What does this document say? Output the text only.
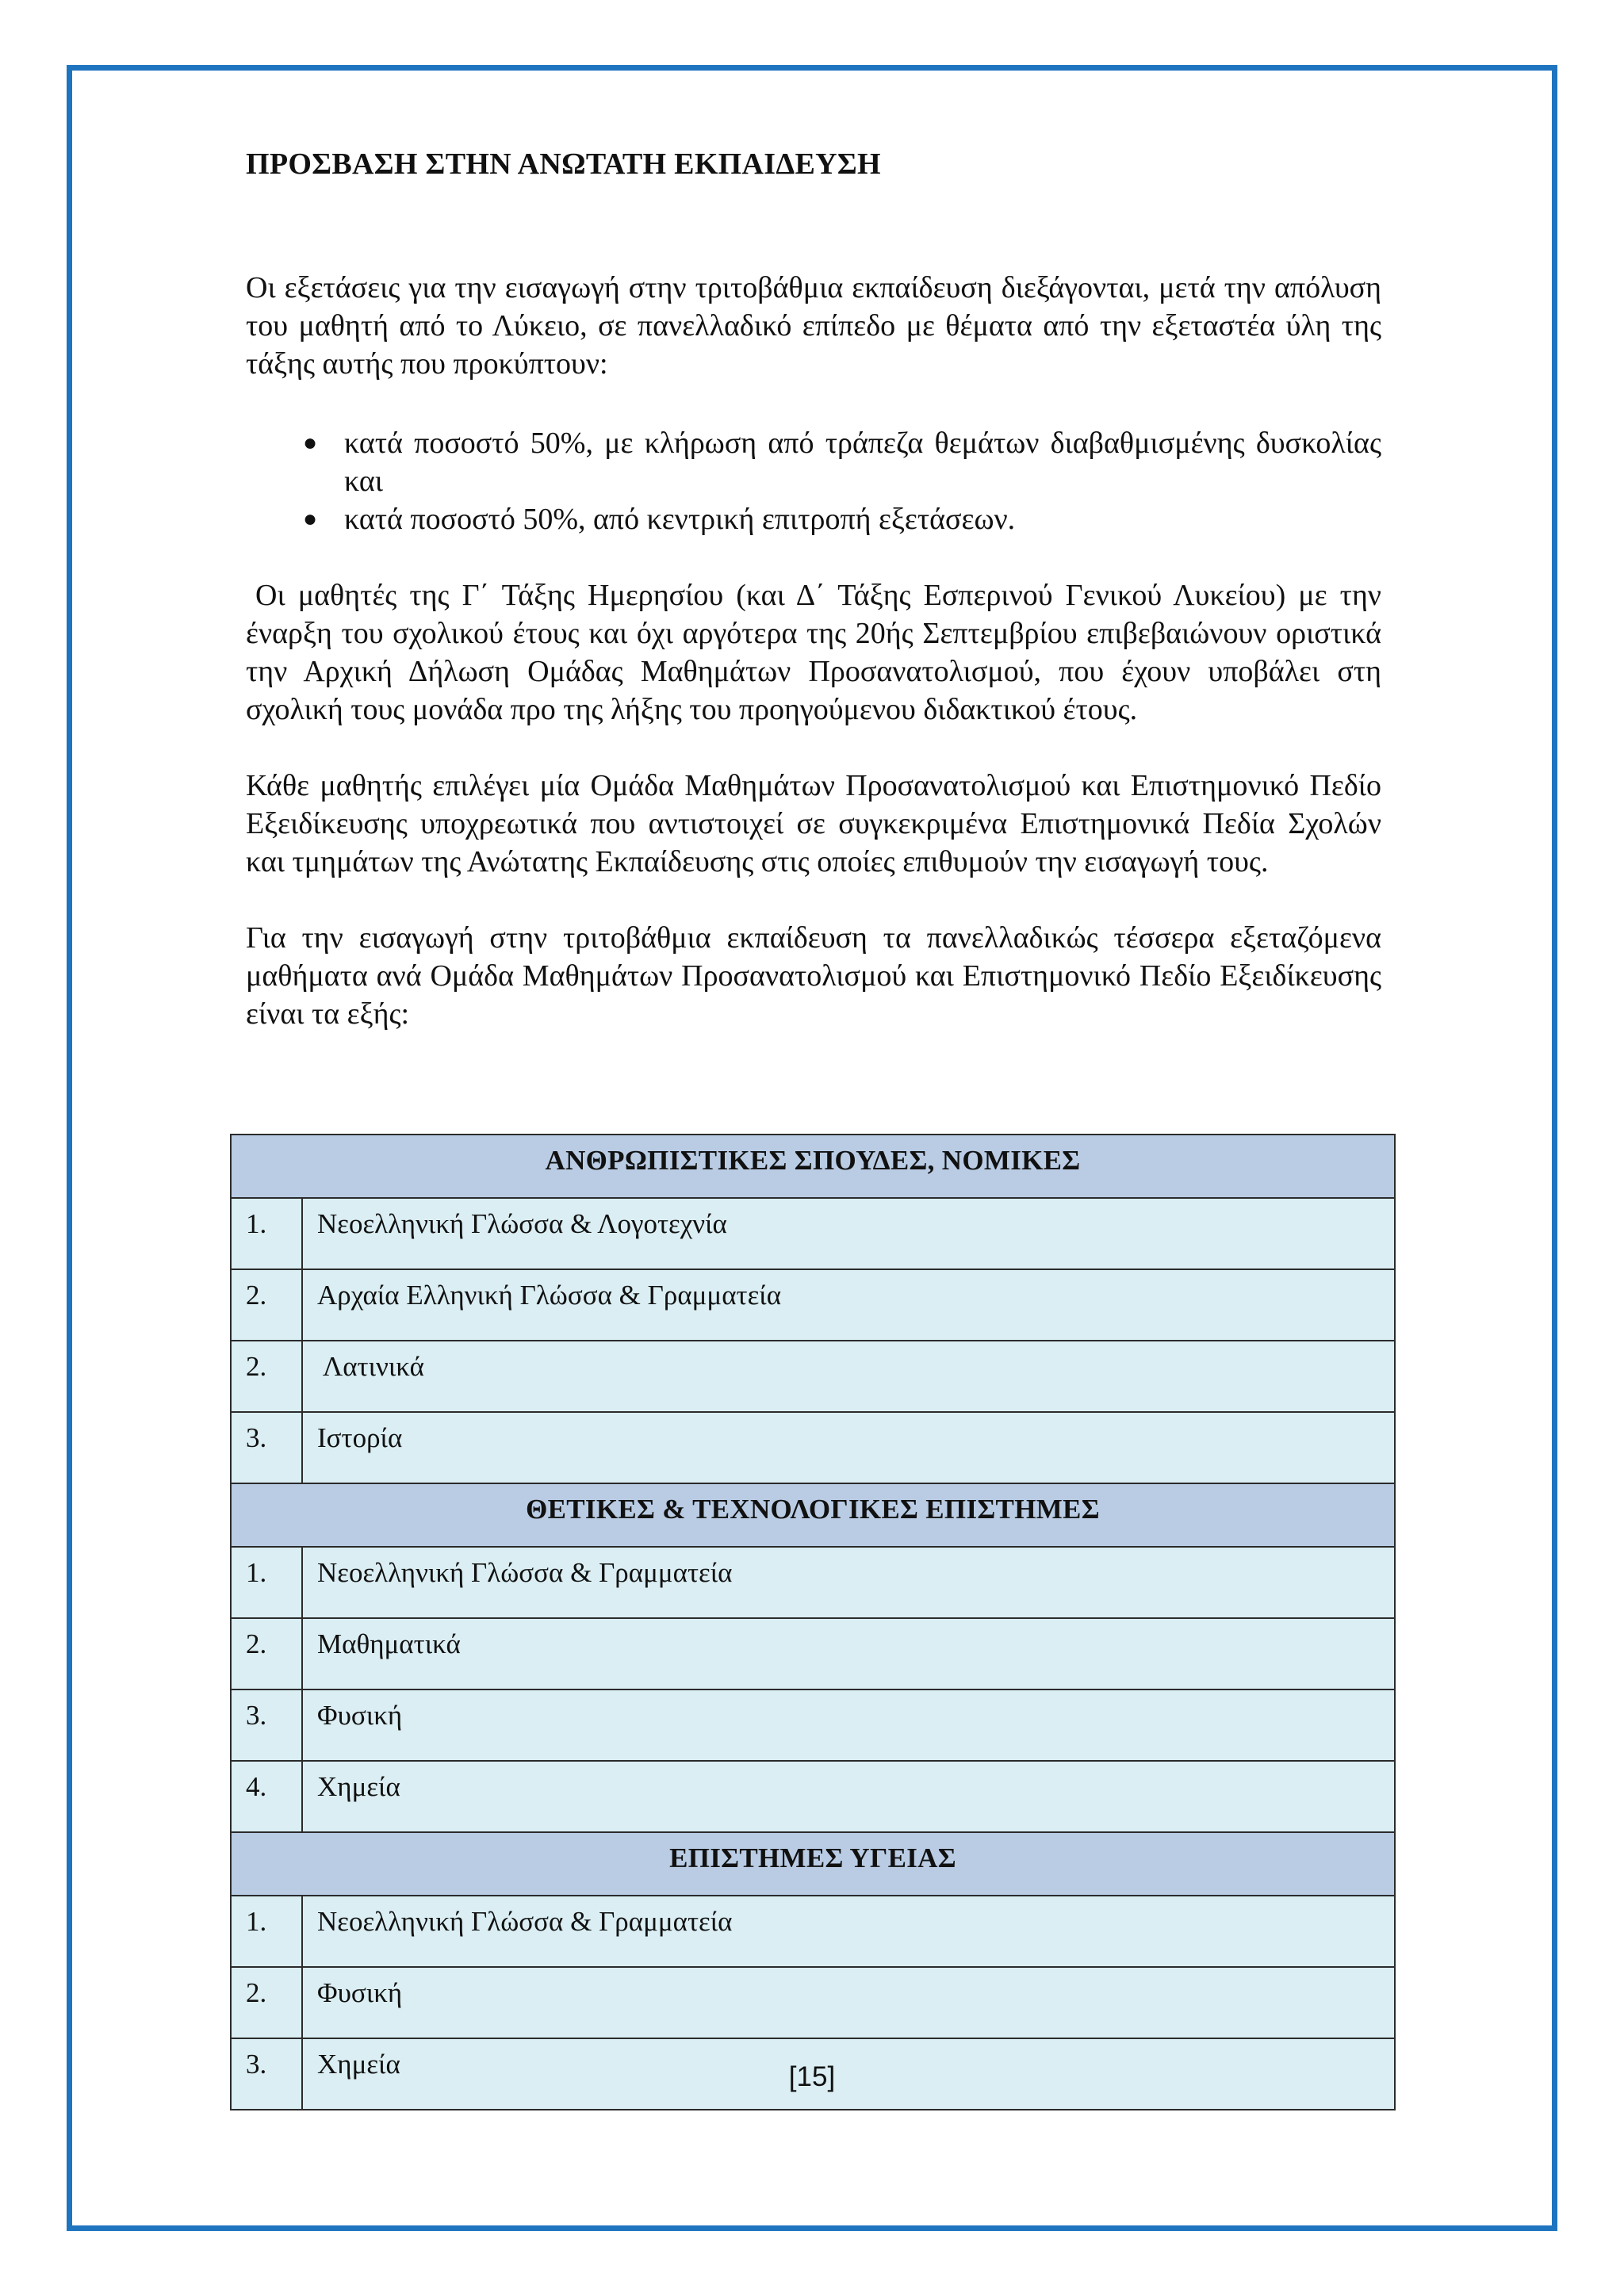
ΠΡΟΣΒΑΣΗ ΣΤΗΝ ΑΝΩΤΑΤΗ ΕΚΠΑΙΔΕΥΣΗ

Οι εξετάσεις για την εισαγωγή στην τριτοβάθμια εκπαίδευση διεξάγονται, μετά την απόλυση του μαθητή από το Λύκειο, σε πανελλαδικό επίπεδο με θέματα από την εξεταστέα ύλη της τάξης αυτής που προκύπτουν:

● κατά ποσοστό 50%, με κλήρωση από τράπεζα θεμάτων διαβαθμισμένης δυσκολίας και
● κατά ποσοστό 50%, από κεντρική επιτροπή εξετάσεων.

Οι μαθητές της Γ΄ Τάξης Ημερησίου (και Δ΄ Τάξης Εσπερινού Γενικού Λυκείου) με την έναρξη του σχολικού έτους και όχι αργότερα της 20ής Σεπτεμβρίου επιβεβαιώνουν οριστικά την Αρχική Δήλωση Ομάδας Μαθημάτων Προσανατολισμού, που έχουν υποβάλει στη σχολική τους μονάδα προ της λήξης του προηγούμενου διδακτικού έτους.

Κάθε μαθητής επιλέγει μία Ομάδα Μαθημάτων Προσανατολισμού και Επιστημονικό Πεδίο Εξειδίκευσης υποχρεωτικά που αντιστοιχεί σε συγκεκριμένα Επιστημονικά Πεδία Σχολών και τμημάτων της Ανώτατης Εκπαίδευσης στις οποίες επιθυμούν την εισαγωγή τους.

Για την εισαγωγή στην τριτοβάθμια εκπαίδευση τα πανελλαδικώς τέσσερα εξεταζόμενα μαθήματα ανά Ομάδα Μαθημάτων Προσανατολισμού και Επιστημονικό Πεδίο Εξειδίκευσης είναι τα εξής:

ΑΝΘΡΩΠΙΣΤΙΚΕΣ ΣΠΟΥΔΕΣ, ΝΟΜΙΚΕΣ	
1.	Νεοελληνική Γλώσσα & Λογοτεχνία
2.	Αρχαία Ελληνική Γλώσσα & Γραμματεία
2.	Λατινικά
3.	Ιστορία
ΘΕΤΙΚΕΣ & ΤΕΧΝΟΛΟΓΙΚΕΣ ΕΠΙΣΤΗΜΕΣ	
1.	Νεοελληνική Γλώσσα & Γραμματεία
2.	Μαθηματικά
3.	Φυσική
4.	Χημεία
ΕΠΙΣΤΗΜΕΣ ΥΓΕΙΑΣ	
1.	Νεοελληνική Γλώσσα & Γραμματεία
2.	Φυσική
3.	Χημεία	[15]
